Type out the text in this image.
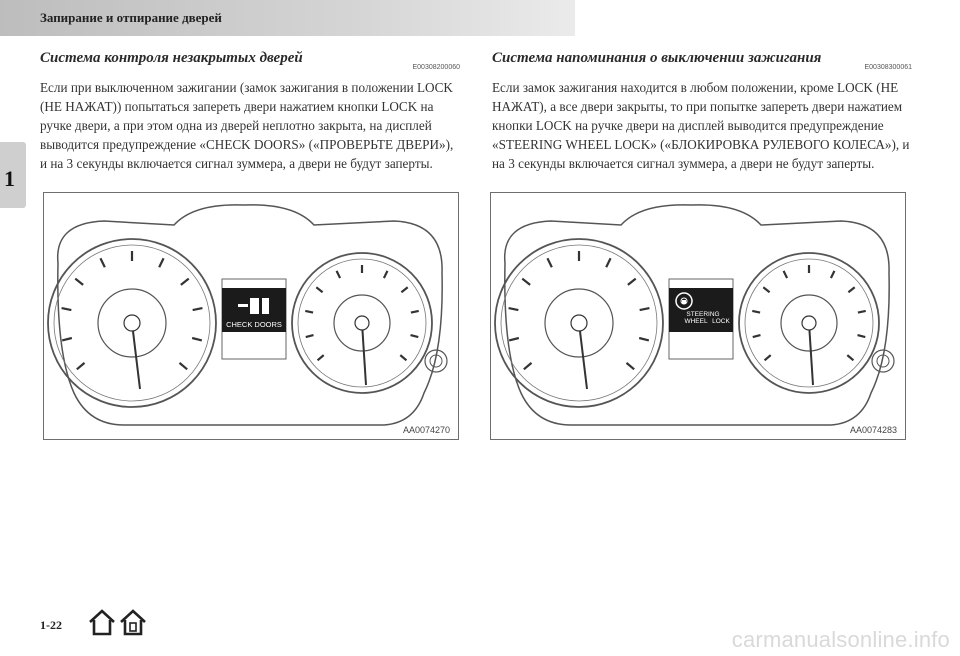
Запирание и отпирание дверей
1
Система контроля незакрытых дверей
E00308200060
Если при выключенном зажигании (замок зажигания в положении LOCK (НЕ НАЖАТ)) попытаться запереть двери нажатием кнопки LOCK на ручке двери, а при этом одна из дверей неплотно закрыта, на дисплей выводится предупреждение «CHECK DOORS» («ПРОВЕРЬТЕ ДВЕРИ»), и на 3 секунды включается сигнал зуммера, а двери не будут заперты.
Система напоминания о выключении зажигания
E00308300061
Если замок зажигания находится в любом положении, кроме LOCK (НЕ НАЖАТ), а все двери закрыты, то при попытке запереть двери нажатием кнопки LOCK на ручке двери на дисплей выводится предупреждение «STEERING WHEEL LOCK» («БЛОКИРОВКА РУЛЕВОГО КОЛЕСА»), и на 3 секунды включается сигнал зуммера, а двери не будут заперты.
CHECK DOORS
AA0074270
STEERING
WHEEL LOCK
AA0074283
1-22
carmanualsonline.info
